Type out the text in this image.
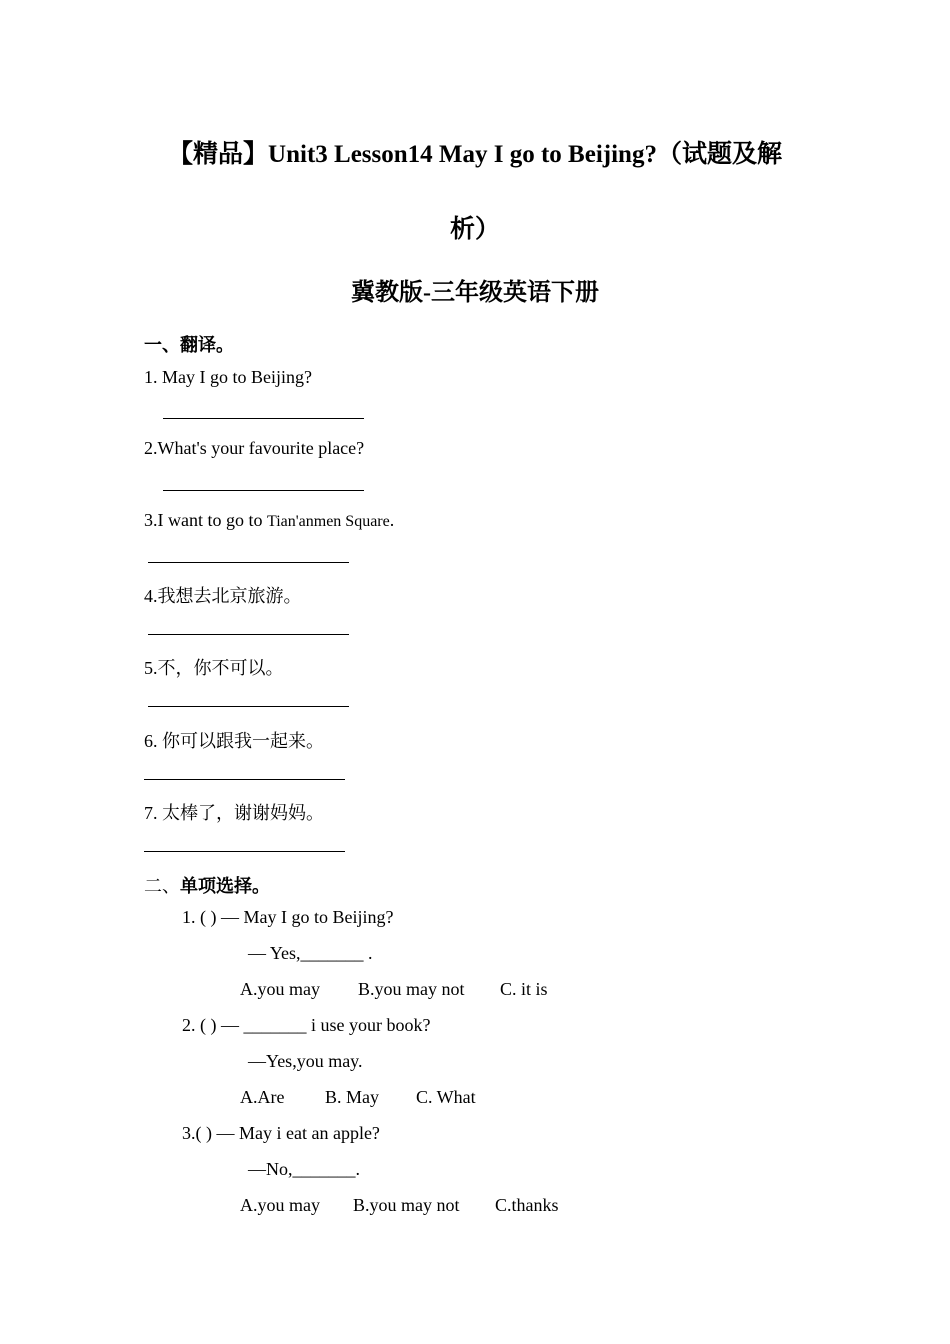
【精品】Unit3 Lesson14 May I go to Beijing?（试题及解
析）
冀教版-三年级英语下册
一、翻译。
1. May I go to Beijing?
2.What's your favourite place?
3.I want to go to Tian'anmen Square.
4.我想去北京旅游。
5.不，你不可以。
6. 你可以跟我一起来。
7. 太棒了，谢谢妈妈。
二、单项选择。
1. ( ) — May I go to Beijing?
— Yes,_______ .
A.you may B.you may not C. it is
2. ( ) — _______ i use your book?
—Yes,you may.
A.Are B. May C. What
3.( ) — May i eat an apple?
—No,_______.
A.you may B.you may not C.thanks
